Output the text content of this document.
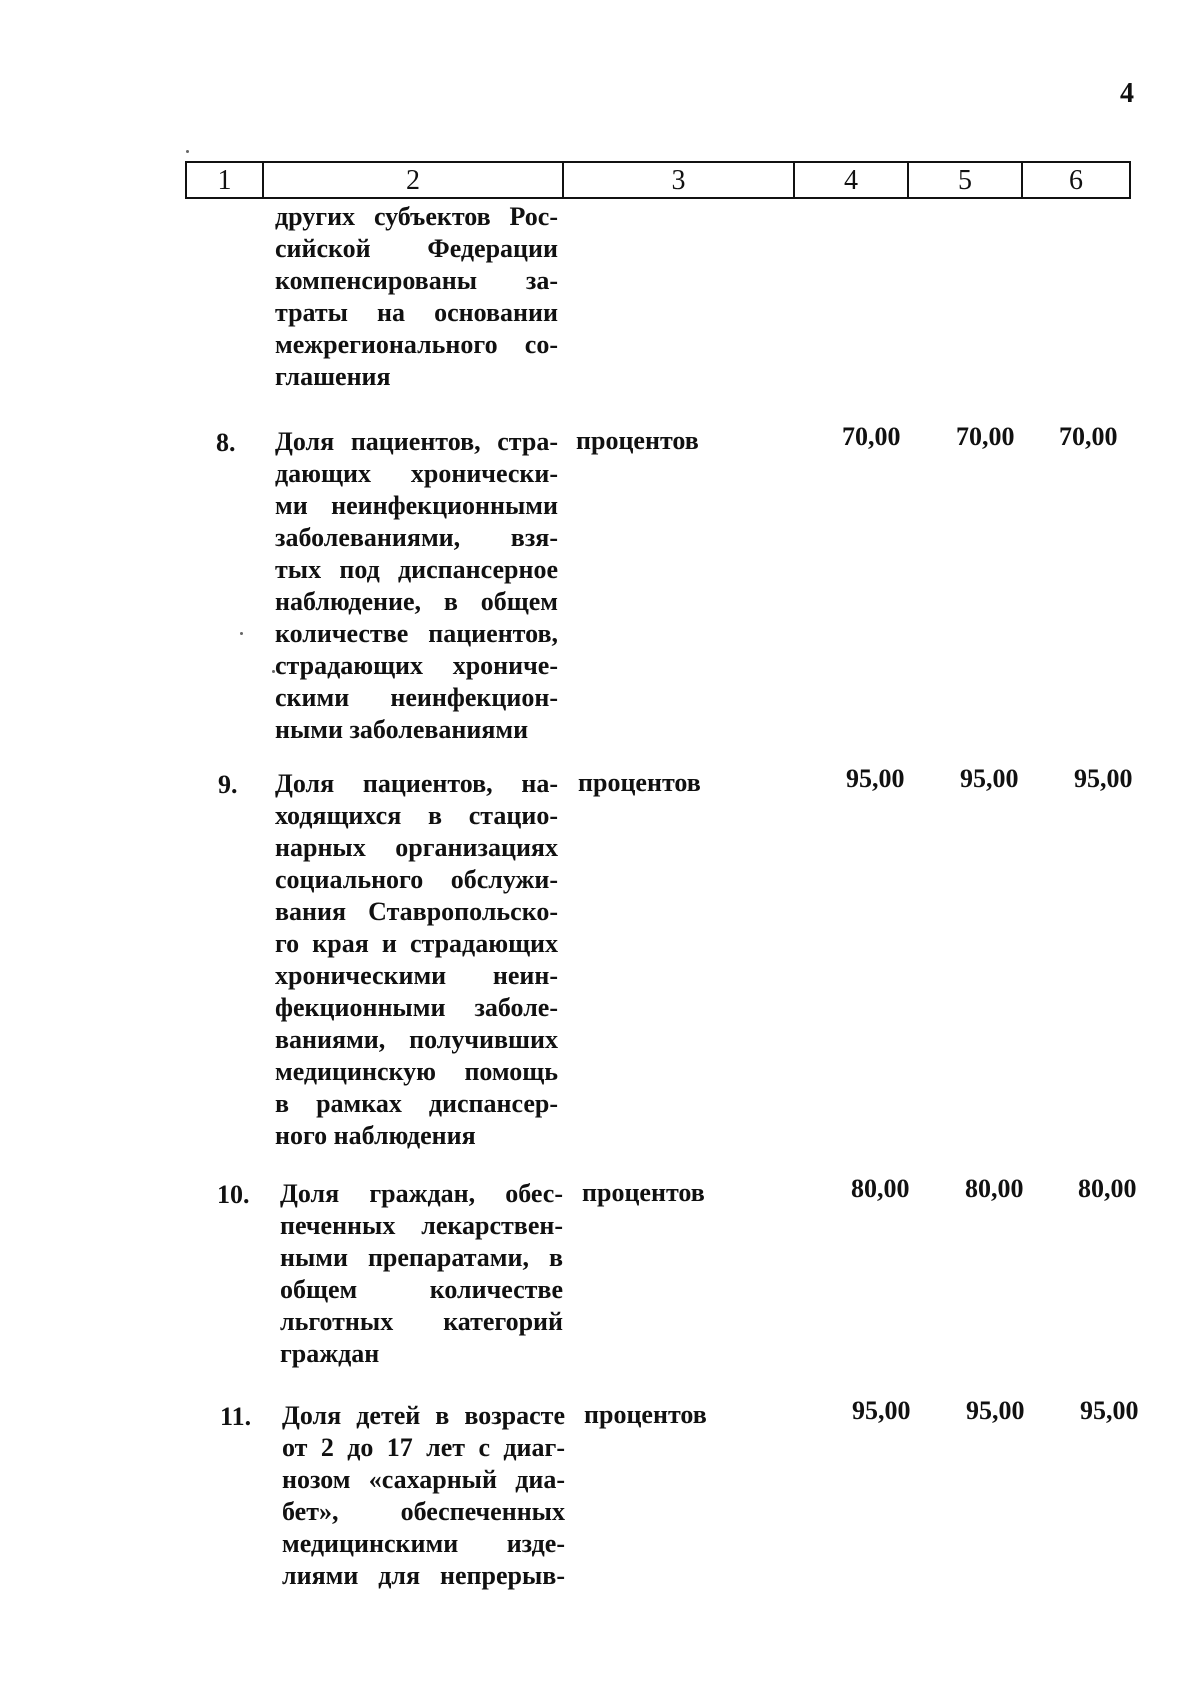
4
1	2	3	4	5	6
других субъектов Рос-
сийской Федерации
компенсированы за-
траты на основании
межрегионального со-
глашения
8. Доля пациентов, стра-
дающих хронически-
ми неинфекционными
заболеваниями, взя-
тых под диспансерное
наблюдение, в общем
количестве пациентов,
страдающих хрониче-
скими неинфекцион-
ными заболеваниями
процентов	70,00 70,00 70,00
9. Доля пациентов, на-
ходящихся в стацио-
нарных организациях
социального обслужи-
вания Ставропольско-
го края и страдающих
хроническими неин-
фекционными заболе-
ваниями, получивших
медицинскую помощь
в рамках диспансер-
ного наблюдения
процентов	95,00 95,00 95,00
10. Доля граждан, обес-
печенных лекарствен-
ными препаратами, в
общем количестве
льготных категорий
граждан
процентов	80,00 80,00 80,00
11. Доля детей в возрасте
от 2 до 17 лет с диаг-
нозом «сахарный диа-
бет», обеспеченных
медицинскими изде-
лиями для непрерыв-
процентов	95,00 95,00 95,00
